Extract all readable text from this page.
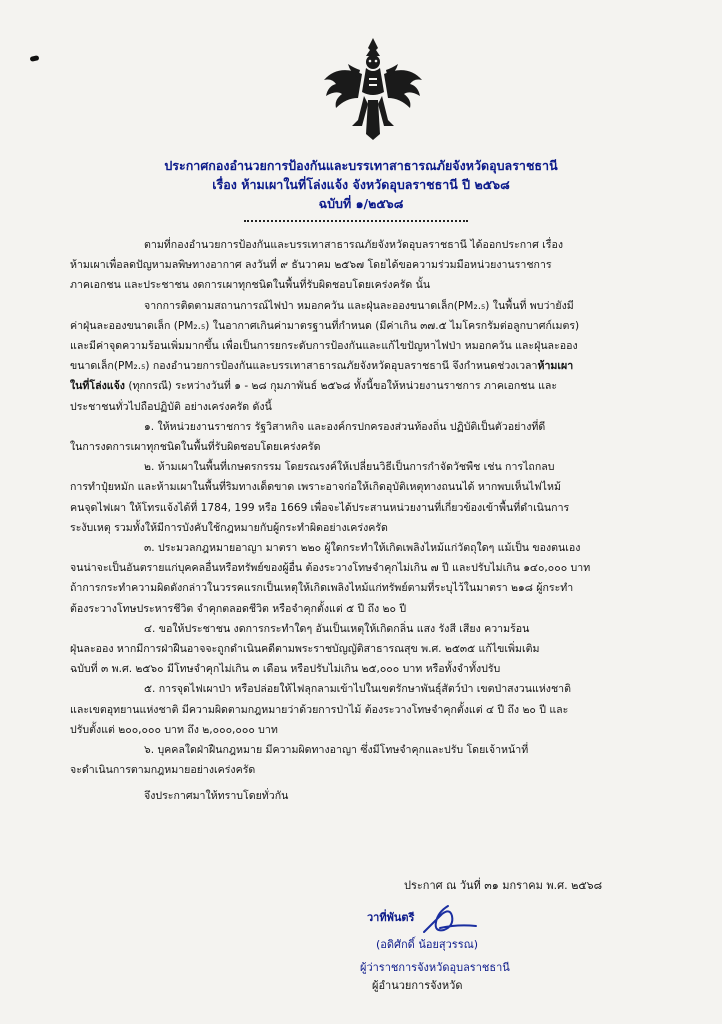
ประกาศกองอำนวยการป้องกันและบรรเทาสาธารณภัยจังหวัดอุบลราชธานี
เรื่อง ห้ามเผาในที่โล่งแจ้ง จังหวัดอุบลราชธานี ปี ๒๕๖๘
ฉบับที่ ๑/๒๕๖๘

ตามที่กองอำนวยการป้องกันและบรรเทาสาธารณภัยจังหวัดอุบลราชธานี ได้ออกประกาศ เรื่อง

ห้ามเผาเพื่อลดปัญหามลพิษทางอากาศ ลงวันที่ ๙ ธันวาคม ๒๕๖๗ โดยได้ขอความร่วมมือหน่วยงานราชการ

ภาคเอกชน และประชาชน งดการเผาทุกชนิดในพื้นที่รับผิดชอบโดยเคร่งครัด นั้น

จากการติดตามสถานการณ์ไฟป่า หมอกควัน และฝุ่นละอองขนาดเล็ก(PM₂.₅) ในพื้นที่ พบว่ายังมี

ค่าฝุ่นละอองขนาดเล็ก (PM₂.₅) ในอากาศเกินค่ามาตรฐานที่กำหนด (มีค่าเกิน ๓๗.๕ ไมโครกรัมต่อลูกบาศก์เมตร)

และมีค่าจุดความร้อนเพิ่มมากขึ้น เพื่อเป็นการยกระดับการป้องกันและแก้ไขปัญหาไฟป่า หมอกควัน และฝุ่นละออง

ขนาดเล็ก(PM₂.₅) กองอำนวยการป้องกันและบรรเทาสาธารณภัยจังหวัดอุบลราชธานี จึงกำหนดช่วงเวลาห้ามเผา

ในที่โล่งแจ้ง (ทุกกรณี) ระหว่างวันที่ ๑ - ๒๘ กุมภาพันธ์ ๒๕๖๘ ทั้งนี้ขอให้หน่วยงานราชการ ภาคเอกชน และ

ประชาชนทั่วไปถือปฏิบัติ อย่างเคร่งครัด ดังนี้

๑. ให้หน่วยงานราชการ รัฐวิสาหกิจ และองค์กรปกครองส่วนท้องถิ่น ปฏิบัติเป็นตัวอย่างที่ดี

ในการงดการเผาทุกชนิดในพื้นที่รับผิดชอบโดยเคร่งครัด

๒. ห้ามเผาในพื้นที่เกษตรกรรม โดยรณรงค์ให้เปลี่ยนวิธีเป็นการกำจัดวัชพืช เช่น การไถกลบ

การทำปุ๋ยหมัก และห้ามเผาในพื้นที่ริมทางเด็ดขาด เพราะอาจก่อให้เกิดอุบัติเหตุทางถนนได้ หากพบเห็นไฟไหม้

คนจุดไฟเผา ให้โทรแจ้งได้ที่ 1784, 199 หรือ 1669 เพื่อจะได้ประสานหน่วยงานที่เกี่ยวข้องเข้าพื้นที่ดำเนินการ

ระงับเหตุ รวมทั้งให้มีการบังคับใช้กฎหมายกับผู้กระทำผิดอย่างเคร่งครัด

๓. ประมวลกฎหมายอาญา มาตรา ๒๒๐ ผู้ใดกระทำให้เกิดเพลิงไหม้แก่วัตถุใดๆ แม้เป็น ของตนเอง

จนน่าจะเป็นอันตรายแก่บุคคลอื่นหรือทรัพย์ของผู้อื่น ต้องระวางโทษจำคุกไม่เกิน ๗ ปี และปรับไม่เกิน ๑๔๐,๐๐๐ บาท

ถ้าการกระทำความผิดดังกล่าวในวรรคแรกเป็นเหตุให้เกิดเพลิงไหม้แก่ทรัพย์ตามที่ระบุไว้ในมาตรา ๒๑๘ ผู้กระทำ

ต้องระวางโทษประหารชีวิต จำคุกตลอดชีวิต หรือจำคุกตั้งแต่ ๕ ปี ถึง ๒๐ ปี

๔. ขอให้ประชาชน งดการกระทำใดๆ อันเป็นเหตุให้เกิดกลิ่น แสง รังสี เสียง ความร้อน

ฝุ่นละออง หากมีการฝ่าฝืนอาจจะถูกดำเนินคดีตามพระราชบัญญัติสาธารณสุข พ.ศ. ๒๕๓๕ แก้ไขเพิ่มเติม

ฉบับที่ ๓ พ.ศ. ๒๕๖๐ มีโทษจำคุกไม่เกิน ๓ เดือน หรือปรับไม่เกิน ๒๕,๐๐๐ บาท หรือทั้งจำทั้งปรับ

๕. การจุดไฟเผาป่า หรือปล่อยให้ไฟลุกลามเข้าไปในเขตรักษาพันธุ์สัตว์ป่า เขตป่าสงวนแห่งชาติ

และเขตอุทยานแห่งชาติ มีความผิดตามกฎหมายว่าด้วยการป่าไม้ ต้องระวางโทษจำคุกตั้งแต่ ๔ ปี ถึง ๒๐ ปี และ

ปรับตั้งแต่ ๒๐๐,๐๐๐ บาท ถึง ๒,๐๐๐,๐๐๐ บาท

๖. บุคคลใดฝ่าฝืนกฎหมาย มีความผิดทางอาญา ซึ่งมีโทษจำคุกและปรับ โดยเจ้าหน้าที่

จะดำเนินการตามกฎหมายอย่างเคร่งครัด

จึงประกาศมาให้ทราบโดยทั่วกัน

ประกาศ ณ วันที่ ๓๑ มกราคม พ.ศ. ๒๕๖๘
วาที่พันตรี
(อดิศักดิ์ น้อยสุวรรณ)
ผู้ว่าราชการจังหวัดอุบลราชธานี
ผู้อำนวยการจังหวัด
